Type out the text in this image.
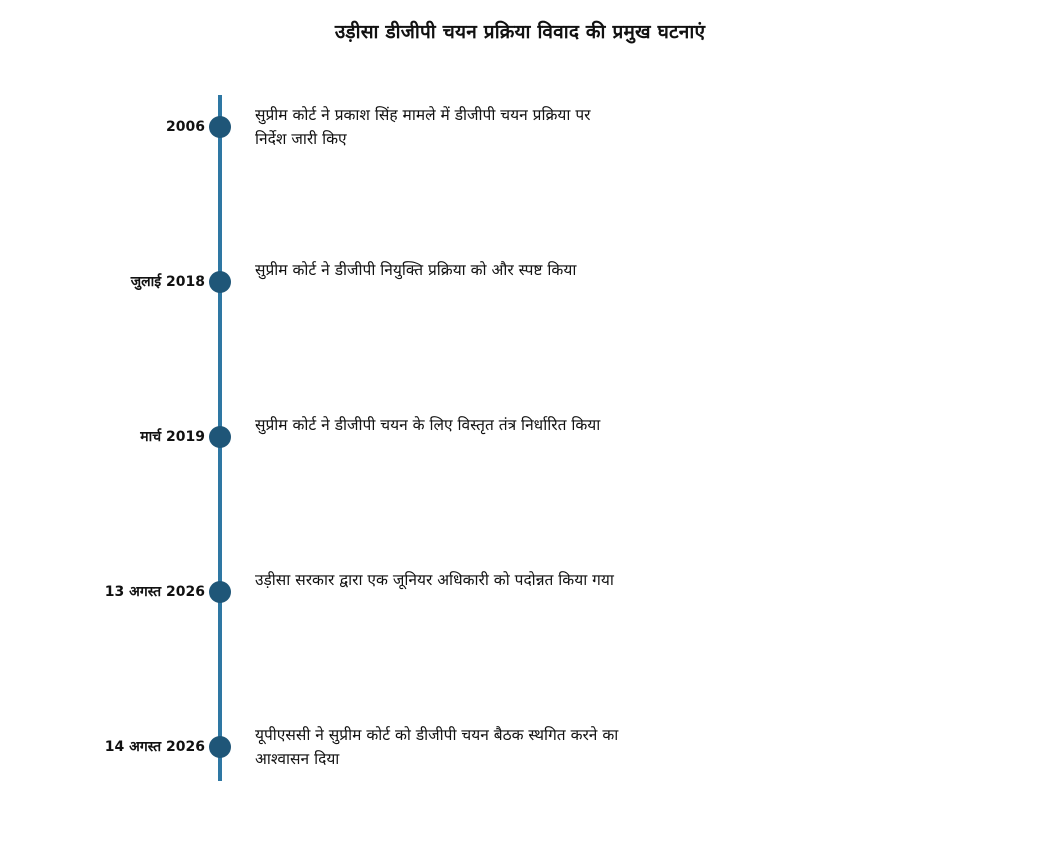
उड़ीसा डीजीपी चयन प्रक्रिया विवाद की प्रमुख घटनाएं
2006
सुप्रीम कोर्ट ने प्रकाश सिंह मामले में डीजीपी चयन प्रक्रिया पर निर्देश जारी किए
जुलाई 2018
सुप्रीम कोर्ट ने डीजीपी नियुक्ति प्रक्रिया को और स्पष्ट किया
मार्च 2019
सुप्रीम कोर्ट ने डीजीपी चयन के लिए विस्तृत तंत्र निर्धारित किया
13 अगस्त 2026
उड़ीसा सरकार द्वारा एक जूनियर अधिकारी को पदोन्नत किया गया
14 अगस्त 2026
यूपीएससी ने सुप्रीम कोर्ट को डीजीपी चयन बैठक स्थगित करने का आश्वासन दिया
